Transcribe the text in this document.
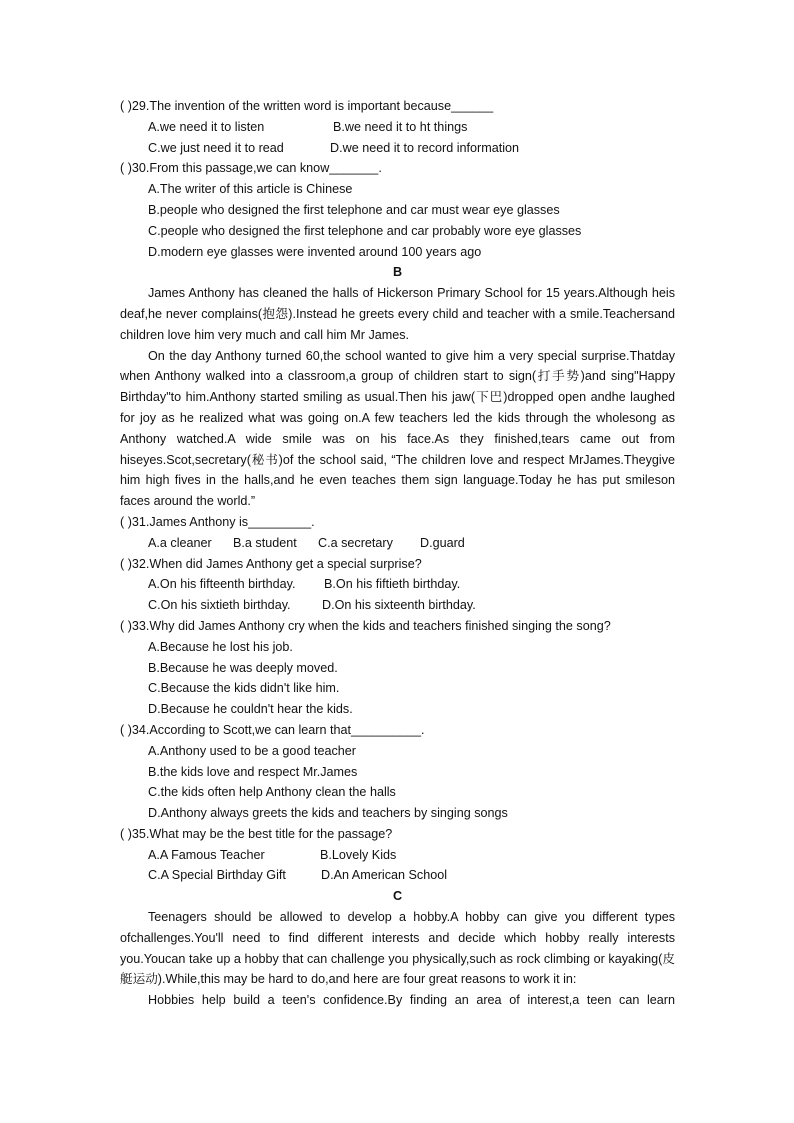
( )29.The invention of the written word is important because______
A.we need it to listen	B.we need it to ht things
C.we just need it to read	D.we need it to record information
( )30.From this passage,we can know_______.
A.The writer of this article is Chinese
B.people who designed the first telephone and car must wear eye glasses
C.people who designed the first telephone and car probably wore eye glasses
D.modern eye glasses were invented around 100 years ago
B
James Anthony has cleaned the halls of Hickerson Primary School for 15 years.Although heis deaf,he never complains(抱怨).Instead he greets every child and teacher with a smile.Teachersand children love him very much and call him Mr James.
On the day Anthony turned 60,the school wanted to give him a very special surprise.Thatday when Anthony walked into a classroom,a group of children start to sign(打手势)and sing"Happy Birthday"to him.Anthony started smiling as usual.Then his jaw(下巴)dropped open andhe laughed for joy as he realized what was going on.A few teachers led the kids through the wholesong as Anthony watched.A wide smile was on his face.As they finished,tears came out from hiseyes.Scot,secretary(秘书)of the school said, “The children love and respect MrJames.Theygive him high fives in the halls,and he even teaches them sign language.Today he has put smileson faces around the world.”
( )31.James Anthony is_________.
A.a cleaner	B.a student	C.a secretary	D.guard
( )32.When did James Anthony get a special surprise?
A.On his fifteenth birthday.	B.On his fiftieth birthday.
C.On his sixtieth birthday.	D.On his sixteenth birthday.
( )33.Why did James Anthony cry when the kids and teachers finished singing the song?
A.Because he lost his job.
B.Because he was deeply moved.
C.Because the kids didn't like him.
D.Because he couldn't hear the kids.
( )34.According to Scott,we can learn that__________.
A.Anthony used to be a good teacher
B.the kids love and respect Mr.James
C.the kids often help Anthony clean the halls
D.Anthony always greets the kids and teachers by singing songs
( )35.What may be the best title for the passage?
A.A Famous Teacher	B.Lovely Kids
C.A Special Birthday Gift	D.An American School
C
Teenagers should be allowed to develop a hobby.A hobby can give you different types ofchallenges.You'll need to find different interests and decide which hobby really interests you.Youcan take up a hobby that can challenge you physically,such as rock climbing or kayaking(皮艇运动).While,this may be hard to do,and here are four great reasons to work it in:
Hobbies help build a teen's confidence.By finding an area of interest,a teen can learn
